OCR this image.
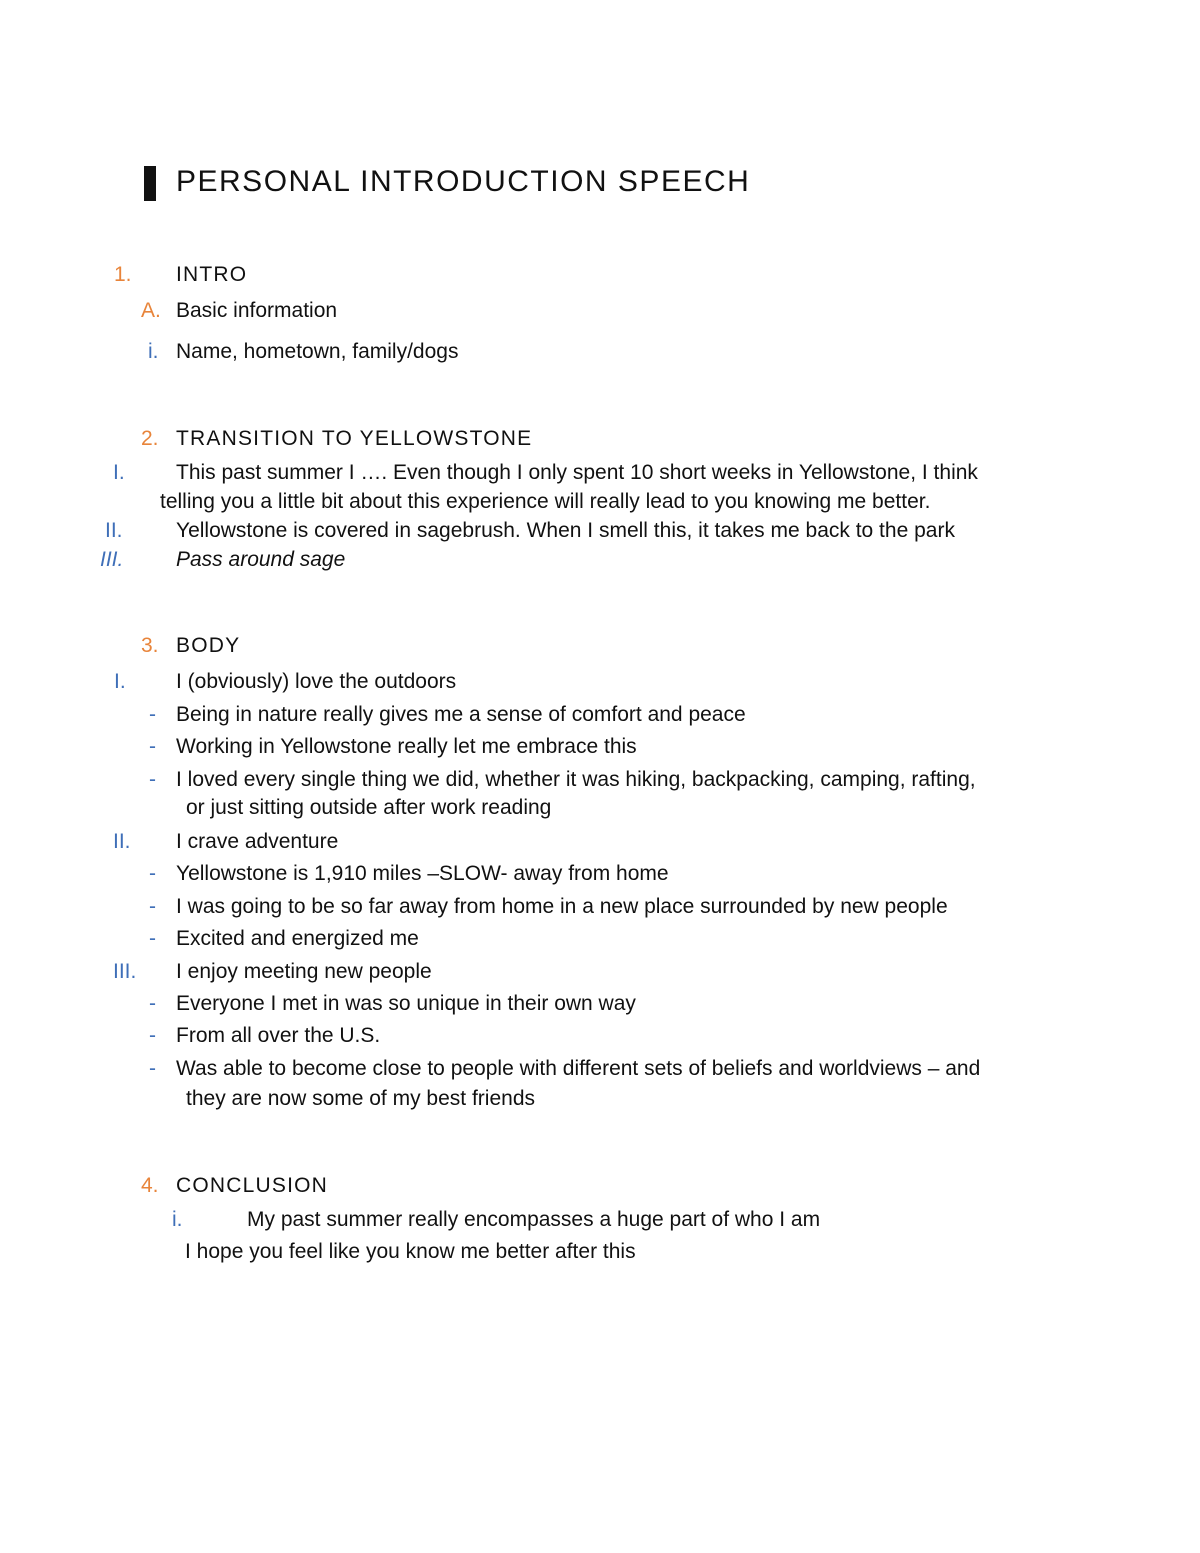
PERSONAL INTRODUCTION SPEECH
1. INTRO
A. Basic information
i. Name, hometown, family/dogs
2. TRANSITION TO YELLOWSTONE
I. This past summer I …. Even though I only spent 10 short weeks in Yellowstone, I think
telling you a little bit about this experience will really lead to you knowing me better.
II.	Yellowstone is covered in sagebrush. When I smell this, it takes me back to the park
III.	Pass around sage
3. BODY
I. I (obviously) love the outdoors
- Being in nature really gives me a sense of comfort and peace
- Working in Yellowstone really let me embrace this
- I loved every single thing we did, whether it was hiking, backpacking, camping, rafting,
or just sitting outside after work reading
II. I crave adventure
- Yellowstone is 1,910 miles –SLOW- away from home
- I was going to be so far away from home in a new place surrounded by new people
- Excited and energized me
III. I enjoy meeting new people
- Everyone I met in was so unique in their own way
- From all over the U.S.
- Was able to become close to people with different sets of beliefs and worldviews – and
they are now some of my best friends
4. CONCLUSION
i.	My past summer really encompasses a huge part of who I am
I hope you feel like you know me better after this
